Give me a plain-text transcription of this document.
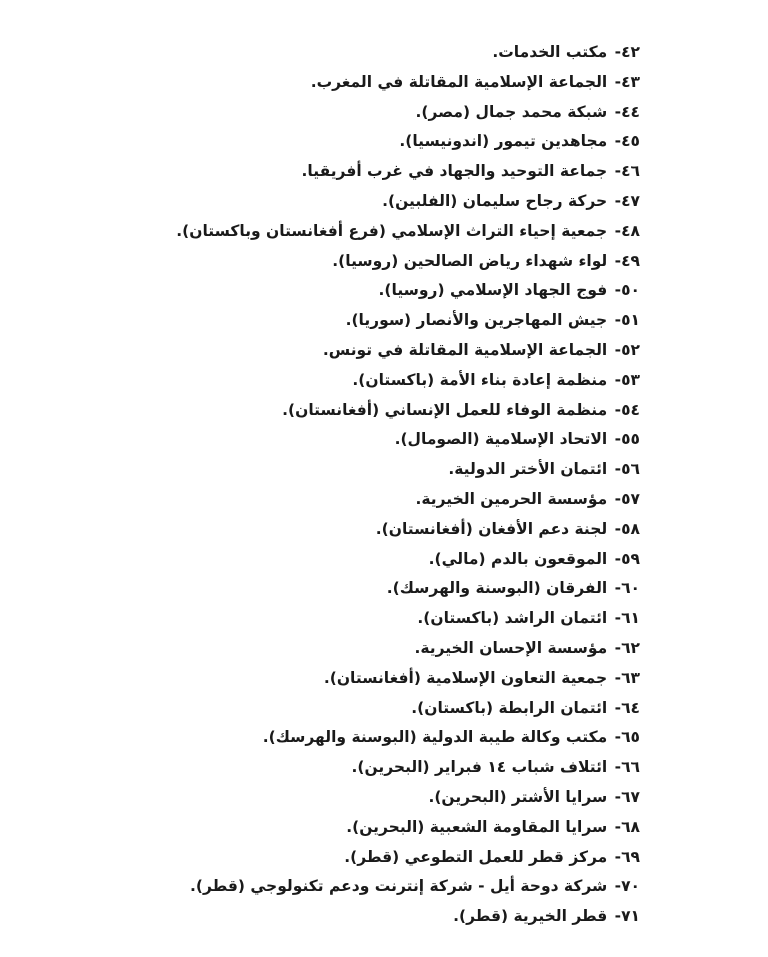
٤٢- مكتب الخدمات.
٤٣- الجماعة الإسلامية المقاتلة في المغرب.
٤٤- شبكة محمد جمال (مصر).
٤٥- مجاهدين تيمور (اندونيسيا).
٤٦- جماعة التوحيد والجهاد في غرب أفريقيا.
٤٧- حركة رجاح سليمان (الفلبين).
٤٨- جمعية إحياء التراث الإسلامي (فرع أفغانستان وباكستان).
٤٩- لواء شهداء رياض الصالحين (روسيا).
٥٠- فوج الجهاد الإسلامي (روسيا).
٥١- جيش المهاجرين والأنصار (سوريا).
٥٢- الجماعة الإسلامية المقاتلة في تونس.
٥٣- منظمة إعادة بناء الأمة (باكستان).
٥٤- منظمة الوفاء للعمل الإنساني (أفغانستان).
٥٥- الاتحاد الإسلامية (الصومال).
٥٦- ائتمان الأختر الدولية.
٥٧- مؤسسة الحرمين الخيرية.
٥٨- لجنة دعم الأفغان (أفغانستان).
٥٩- الموقعون بالدم (مالي).
٦٠- الفرقان (البوسنة والهرسك).
٦١- ائتمان الراشد (باكستان).
٦٢- مؤسسة الإحسان الخيرية.
٦٣- جمعية التعاون الإسلامية (أفغانستان).
٦٤- ائتمان الرابطة (باكستان).
٦٥- مكتب وكالة طيبة الدولية (البوسنة والهرسك).
٦٦- ائتلاف شباب ١٤ فبراير (البحرين).
٦٧- سرايا الأشتر (البحرين).
٦٨- سرايا المقاومة الشعبية (البحرين).
٦٩- مركز قطر للعمل التطوعي (قطر).
٧٠- شركة دوحة أيل - شركة إنترنت ودعم تكنولوجي (قطر).
٧١- قطر الخيرية (قطر).
